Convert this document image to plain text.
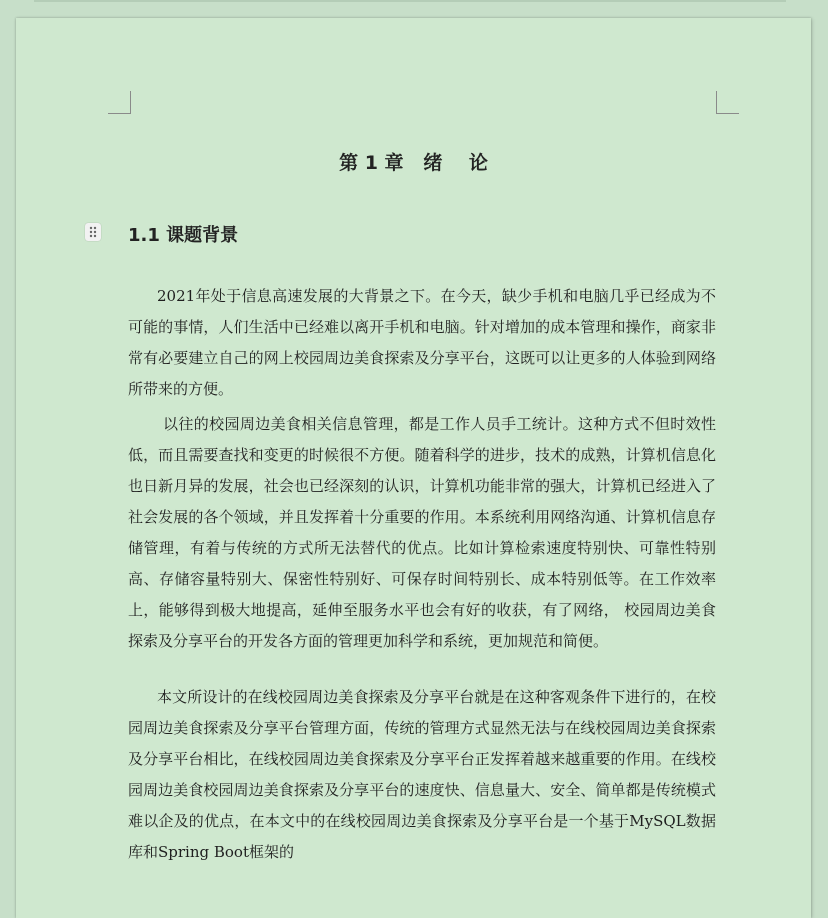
第 1 章   绪    论
1.1 课题背景

2021年处于信息高速发展的大背景之下。在今天，缺少手机和电脑几乎已经成为不可能的事情，人们生活中已经难以离开手机和电脑。针对增加的成本管理和操作，商家非常有必要建立自己的网上校园周边美食探索及分享平台，这既可以让更多的人体验到网络所带来的方便。

以往的校园周边美食相关信息管理，都是工作人员手工统计。这种方式不但时效性低，而且需要查找和变更的时候很不方便。随着科学的进步，技术的成熟，计算机信息化也日新月异的发展，社会也已经深刻的认识，计算机功能非常的强大，计算机已经进入了社会发展的各个领域，并且发挥着十分重要的作用。本系统利用网络沟通、计算机信息存储管理，有着与传统的方式所无法替代的优点。比如计算检索速度特别快、可靠性特别高、存储容量特别大、保密性特别好、可保存时间特别长、成本特别低等。在工作效率上，能够得到极大地提高，延伸至服务水平也会有好的收获，有了网络， 校园周边美食探索及分享平台的开发各方面的管理更加科学和系统，更加规范和简便。

本文所设计的在线校园周边美食探索及分享平台就是在这种客观条件下进行的，在校园周边美食探索及分享平台管理方面，传统的管理方式显然无法与在线校园周边美食探索及分享平台相比，在线校园周边美食探索及分享平台正发挥着越来越重要的作用。在线校园周边美食校园周边美食探索及分享平台的速度快、信息量大、安全、简单都是传统模式难以企及的优点，在本文中的在线校园周边美食探索及分享平台是一个基于MySQL数据库和Spring Boot框架的
